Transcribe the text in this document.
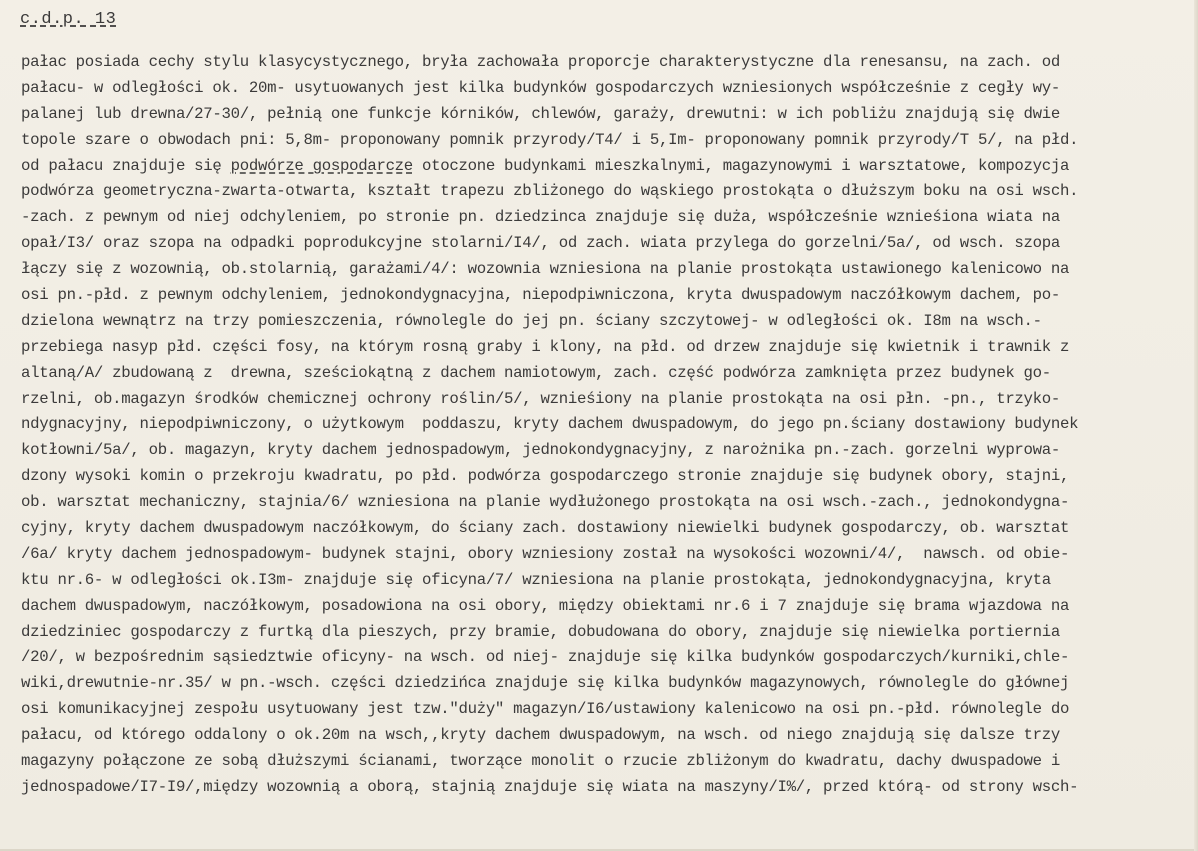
c.d.p. 13
pałac posiada cechy stylu klasycystycznego, bryła zachowała proporcje charakterystyczne dla renesansu, na zach. od
pałacu- w odległości ok. 20m- usytuowanych jest kilka budynków gospodarczych wzniesionych współcześnie z cegły wy-
palanej lub drewna/27-30/, pełnią one funkcje kórników, chlewów, garaży, drewutni: w ich pobliżu znajdują się dwie
topole szare o obwodach pni: 5,8m- proponowany pomnik przyrody/T4/ i 5,Im- proponowany pomnik przyrody/T 5/, na płd.
od pałacu znajduje się podwórze gospodarcze otoczone budynkami mieszkalnymi, magazynowymi i warsztatowe, kompozycja
podwórza geometryczna-zwarta-otwarta, kształt trapezu zbliżonego do wąskiego prostokąta o dłuższym boku na osi wsch.
-zach. z pewnym od niej odchyleniem, po stronie pn. dziedzinca znajduje się duża, współcześnie wznieśiona wiata na
opał/I3/ oraz szopa na odpadki poprodukcyjne stolarni/I4/, od zach. wiata przylega do gorzelni/5a/, od wsch. szopa
łączy się z wozownią, ob.stolarnią, garażami/4/: wozownia wzniesiona na planie prostokąta ustawionego kalenicowo na
osi pn.-płd. z pewnym odchyleniem, jednokondygnacyjna, niepodpiwniczona, kryta dwuspadowym naczółkowym dachem, po-
dzielona wewnątrz na trzy pomieszczenia, równolegle do jej pn. ściany szczytowej- w odległości ok. I8m na wsch.-
przebiega nasyp płd. części fosy, na którym rosną graby i klony, na płd. od drzew znajduje się kwietnik i trawnik z
altaną/A/ zbudowaną z  drewna, sześciokątną z dachem namiotowym, zach. część podwórza zamknięta przez budynek go-
rzelni, ob.magazyn środków chemicznej ochrony roślin/5/, wznieśiony na planie prostokąta na osi płn. -pn., trzyko-
ndygnacyjny, niepodpiwniczony, o użytkowym  poddaszu, kryty dachem dwuspadowym, do jego pn.ściany dostawiony budynek
kotłowni/5a/, ob. magazyn, kryty dachem jednospadowym, jednokondygnacyjny, z narożnika pn.-zach. gorzelni wyprowa-
dzony wysoki komin o przekroju kwadratu, po płd. podwórza gospodarczego stronie znajduje się budynek obory, stajni,
ob. warsztat mechaniczny, stajnia/6/ wzniesiona na planie wydłużonego prostokąta na osi wsch.-zach., jednokondygna-
cyjny, kryty dachem dwuspadowym naczółkowym, do ściany zach. dostawiony niewielki budynek gospodarczy, ob. warsztat
/6a/ kryty dachem jednospadowym- budynek stajni, obory wzniesiony został na wysokości wozowni/4/,  nawsch. od obie-
ktu nr.6- w odległości ok.I3m- znajduje się oficyna/7/ wzniesiona na planie prostokąta, jednokondygnacyjna, kryta
dachem dwuspadowym, naczółkowym, posadowiona na osi obory, między obiektami nr.6 i 7 znajduje się brama wjazdowa na
dziedziniec gospodarczy z furtką dla pieszych, przy bramie, dobudowana do obory, znajduje się niewielka portiernia
/20/, w bezpośrednim sąsiedztwie oficyny- na wsch. od niej- znajduje się kilka budynków gospodarczych/kurniki,chle-
wiki,drewutnie-nr.35/ w pn.-wsch. części dziedzińca znajduje się kilka budynków magazynowych, równolegle do głównej
osi komunikacyjnej zespołu usytuowany jest tzw."duży" magazyn/I6/ustawiony kalenicowo na osi pn.-płd. równolegle do
pałacu, od którego oddalony o ok.20m na wsch,,kryty dachem dwuspadowym, na wsch. od niego znajdują się dalsze trzy
magazyny połączone ze sobą dłuższymi ścianami, tworzące monolit o rzucie zbliżonym do kwadratu, dachy dwuspadowe i
jednospadowe/I7-I9/,między wozownią a oborą, stajnią znajduje się wiata na maszyny/I%/, przed którą- od strony wsch-
